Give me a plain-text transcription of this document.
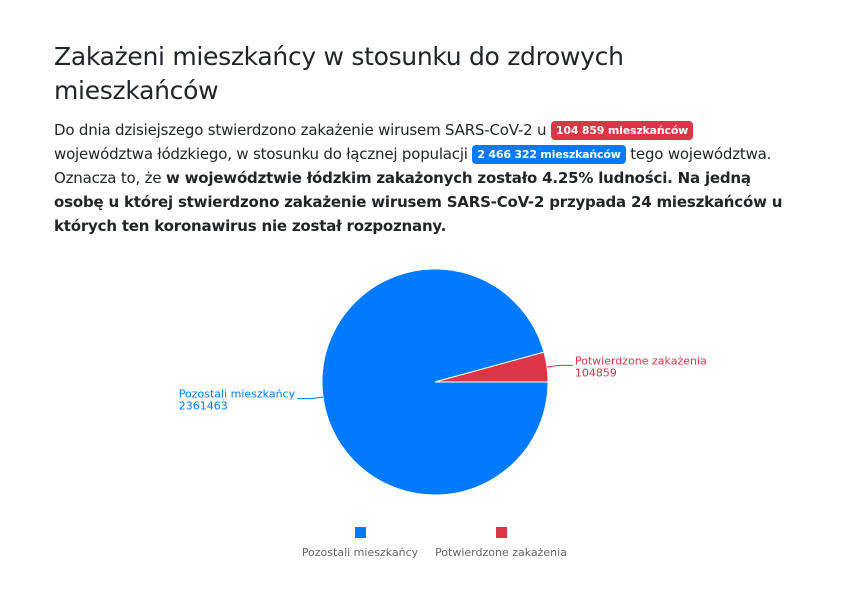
Zakażeni mieszkańcy w stosunku do zdrowych mieszkańców

Do dnia dzisiejszego stwierdzono zakażenie wirusem SARS-CoV-2 u 104 859 mieszkańców województwa łódzkiego, w stosunku do łącznej populacji 2 466 322 mieszkańców tego województwa. Oznacza to, że w województwie łódzkim zakażonych zostało 4.25% ludności. Na jedną osobę u której stwierdzono zakażenie wirusem SARS-CoV-2 przypada 24 mieszkańców u których ten koronawirus nie został rozpoznany.

Pozostali mieszkańcy
2361463
Potwierdzone zakażenia
104859
Pozostali mieszkańcy Potwierdzone zakażenia
